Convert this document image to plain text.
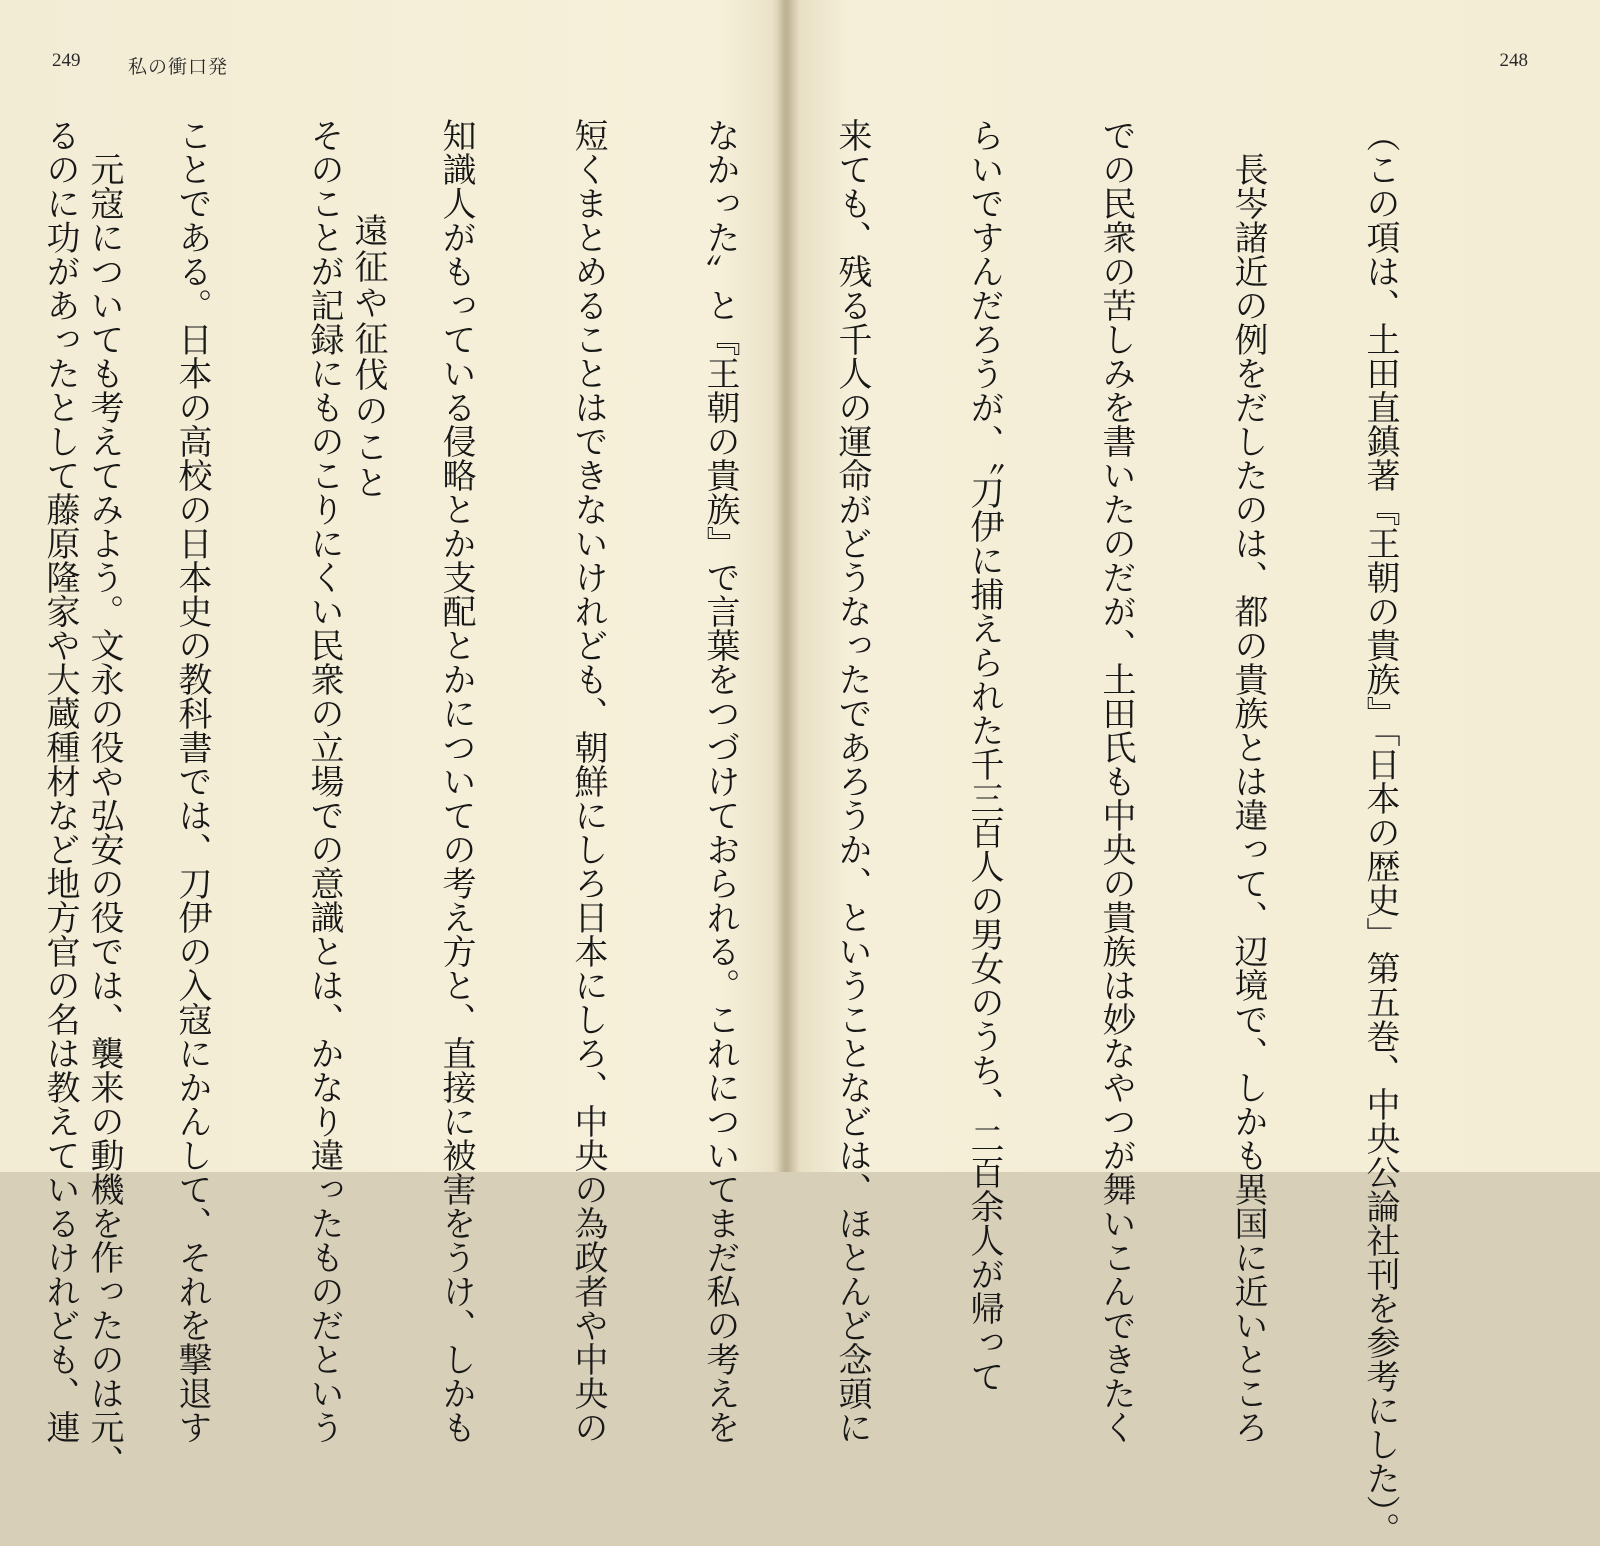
249	私の衝口発

遠征や征伐のこと

　元寇についても考えてみよう。文永の役や弘安の役では、襲来の動機を作ったのは元、

248

（この項は、土田直鎮著『王朝の貴族』「日本の歴史」第五巻、中央公論社刊を参考にした）。

　長岑諸近の例をだしたのは、都の貴族とは違って、辺境で、しかも異国に近いところ

での民衆の苦しみを書いたのだが、土田氏も中央の貴族は妙なやつが舞いこんできたく

らいですんだろうが、〝刀伊に捕えられた千三百人の男女のうち、二百余人が帰って

来ても、残る千人の運命がどうなったであろうか、ということなどは、ほとんど念頭に

なかった〟と『王朝の貴族』で言葉をつづけておられる。これについてまだ私の考えを

短くまとめることはできないけれども、朝鮮にしろ日本にしろ、中央の為政者や中央の

知識人がもっている侵略とか支配とかについての考え方と、直接に被害をうけ、しかも

そのことが記録にものこりにくい民衆の立場での意識とは、かなり違ったものだという

ことである。日本の高校の日本史の教科書では、刀伊の入寇にかんして、それを撃退す

るのに功があったとして藤原隆家や大蔵種材など地方官の名は教えているけれども、連
